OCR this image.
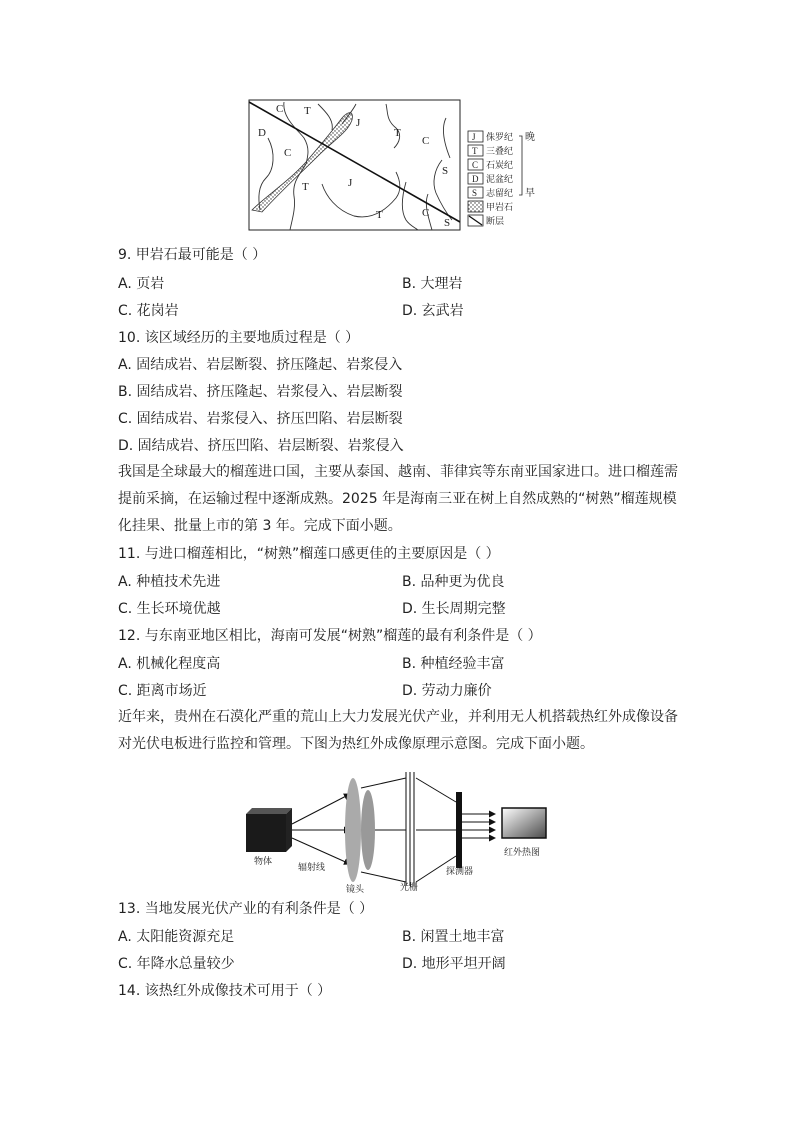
C T
J
T
C
D
C
T	J
S
T	C
S
J 侏罗纪
T 三叠纪
C 石炭纪
D 泥盆纪
S 志留纪
甲岩石
断层
晚
早
9. 甲岩石最可能是（ ）
A. 页岩	B. 大理岩
C. 花岗岩	D. 玄武岩
10. 该区域经历的主要地质过程是（ ）
A. 固结成岩、岩层断裂、挤压隆起、岩浆侵入
B. 固结成岩、挤压隆起、岩浆侵入、岩层断裂
C. 固结成岩、岩浆侵入、挤压凹陷、岩层断裂
D. 固结成岩、挤压凹陷、岩层断裂、岩浆侵入
我国是全球最大的榴莲进口国，主要从泰国、越南、菲律宾等东南亚国家进口。进口榴莲需提前采摘，在运输过程中逐渐成熟。2025 年是海南三亚在树上自然成熟的“树熟”榴莲规模化挂果、批量上市的第 3 年。完成下面小题。
11. 与进口榴莲相比，“树熟”榴莲口感更佳的主要原因是（ ）
A. 种植技术先进	B. 品种更为优良
C. 生长环境优越	D. 生长周期完整
12. 与东南亚地区相比，海南可发展“树熟”榴莲的最有利条件是（ ）
A. 机械化程度高	B. 种植经验丰富
C. 距离市场近	D. 劳动力廉价
近年来，贵州在石漠化严重的荒山上大力发展光伏产业，并利用无人机搭载热红外成像设备对光伏电板进行监控和管理。下图为热红外成像原理示意图。完成下面小题。
物体
辐射线
镜头	光栅
探测器
红外热图
13. 当地发展光伏产业的有利条件是（ ）
A. 太阳能资源充足	B. 闲置土地丰富
C. 年降水总量较少	D. 地形平坦开阔
14. 该热红外成像技术可用于（ ）
